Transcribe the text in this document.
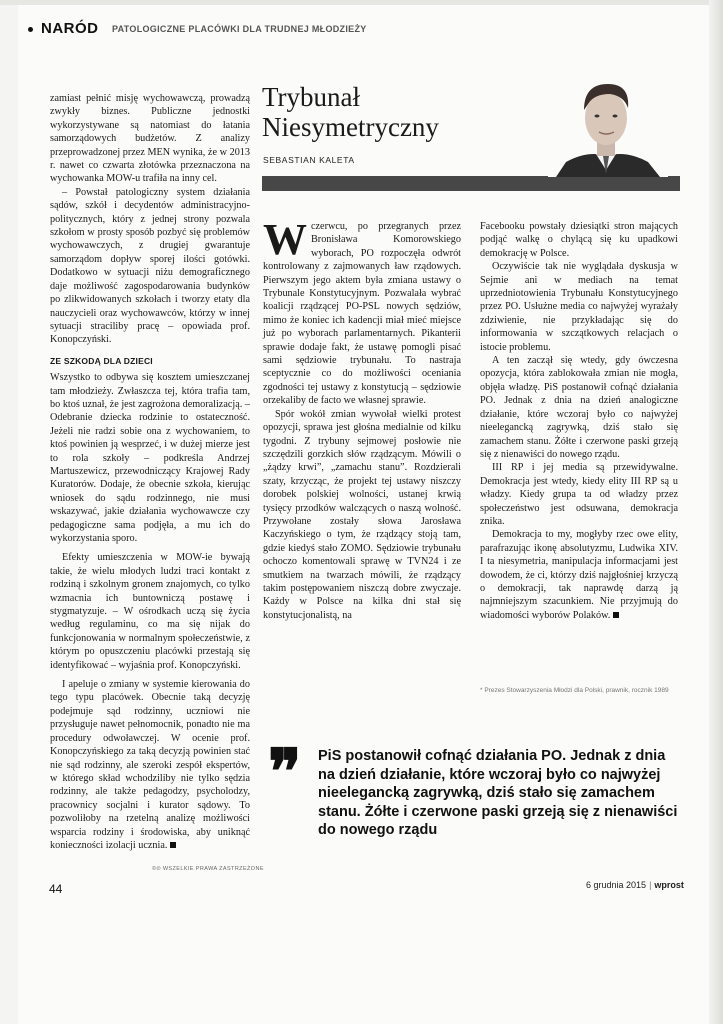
NARÓD PATOLOGICZNE PLACÓWKI DLA TRUDNEJ MŁODZIEŻY

zamiast pełnić misję wychowawczą, prowadzą zwykły biznes. Publiczne jednostki wykorzystywane są natomiast do łatania samorządowych budżetów. Z analizy przeprowadzonej przez MEN wynika, że w 2013 r. nawet co czwarta złotówka przeznaczona na wychowanka MOW-u trafiła na inny cel.

– Powstał patologiczny system działania sądów, szkół i decydentów administracyjno-politycznych, który z jednej strony pozwala szkołom w prosty sposób pozbyć się problemów wychowawczych, z drugiej gwarantuje samorządom dopływ sporej ilości gotówki. Dodatkowo w sytuacji niżu demograficznego daje możliwość zagospodarowania budynków po zlikwidowanych szkołach i tworzy etaty dla nauczycieli oraz wychowawców, którzy w innej sytuacji straciliby pracę – opowiada prof. Konopczyński.

ZE SZKODĄ DLA DZIECI

Wszystko to odbywa się kosztem umieszczanej tam młodzieży. Zwłaszcza tej, która trafia tam, bo ktoś uznał, że jest zagrożona demoralizacją. – Odebranie dziecka rodzinie to ostateczność. Jeżeli nie radzi sobie ona z wychowaniem, to ktoś powinien ją wesprzeć, i w dużej mierze jest to rola szkoły – podkreśla Andrzej Martuszewicz, przewodniczący Krajowej Rady Kuratorów. Dodaje, że obecnie szkoła, kierując wniosek do sądu rodzinnego, nie musi wskazywać, jakie działania wychowawcze czy pedagogiczne sama podjęła, a mu ich do wykorzystania sporo.

Efekty umieszczenia w MOW-ie bywają takie, że wielu młodych ludzi traci kontakt z rodziną i szkolnym gronem znajomych, co tylko wzmacnia ich buntowniczą postawę i stygmatyzuje. – W ośrodkach uczą się życia według regulaminu, co ma się nijak do funkcjonowania w normalnym społeczeństwie, z którym po opuszczeniu placówki przestają się identyfikować – wyjaśnia prof. Konopczyński.

I apeluje o zmiany w systemie kierowania do tego typu placówek. Obecnie taką decyzję podejmuje sąd rodzinny, uczniowi nie przysługuje nawet pełnomocnik, ponadto nie ma procedury odwoławczej. W ocenie prof. Konopczyńskiego za taką decyzją powinien stać nie sąd rodzinny, ale szeroki zespół ekspertów, w którego skład wchodziliby nie tylko sędzia rodzinny, ale także pedagodzy, psycholodzy, pracownicy socjalni i kurator sądowy. To pozwoliłoby na rzetelną analizę możliwości wsparcia rodziny i środowiska, aby uniknąć konieczności izolacji ucznia.

Trybunał Niesymetryczny
SEBASTIAN KALETA

Wczerwcu, po przegranych przez Bronisława Komorowskiego wyborach, PO rozpoczęła odwrót kontrolowany z zajmowanych ław rządowych. Pierwszym jego aktem była zmiana ustawy o Trybunale Konstytucyjnym. Pozwalała wybrać koalicji rządzącej PO-PSL nowych sędziów, mimo że koniec ich kadencji miał mieć miejsce już po wyborach parlamentarnych. Pikanterii sprawie dodaje fakt, że ustawę pomogli pisać sami sędziowie trybunału. To nastraja sceptycznie co do możliwości oceniania zgodności tej ustawy z konstytucją – sędziowie orzekaliby de facto we własnej sprawie.

Spór wokół zmian wywołał wielki protest opozycji, sprawa jest głośna medialnie od kilku tygodni. Z trybuny sejmowej posłowie nie szczędzili gorzkich słów rządzącym. Mówili o „żądzy krwi”, „zamachu stanu”. Rozdzierali szaty, krzycząc, że projekt tej ustawy niszczy dorobek polskiej wolności, ustanej krwią tysięcy przodków walczących o naszą wolność. Przywołane zostały słowa Jarosława Kaczyńskiego o tym, że rządzący stoją tam, gdzie kiedyś stało ZOMO. Sędziowie trybunału ochoczo komentowali sprawę w TVN24 i ze smutkiem na twarzach mówili, że rządzący takim postępowaniem niszczą dobre zwyczaje. Każdy w Polsce na kilka dni stał się konstytucjonalistą, na

Facebooku powstały dziesiątki stron mających podjąć walkę o chylącą się ku upadkowi demokrację w Polsce.

Oczywiście tak nie wyglądała dyskusja w Sejmie ani w mediach na temat uprzedniotowienia Trybunału Konstytucyjnego przez PO. Usłużne media co najwyżej wyrażały zdziwienie, nie przykładając się do informowania w szczątkowych relacjach o istocie problemu.

A ten zaczął się wtedy, gdy ówczesna opozycja, która zablokowała zmian nie mogła, objęła władzę. PiS postanowił cofnąć działania PO. Jednak z dnia na dzień analogiczne działanie, które wczoraj było co najwyżej nieelegancką zagrywką, dziś stało się zamachem stanu. Żółte i czerwone paski grzeją się z nienawiści do nowego rządu.

III RP i jej media są przewidywalne. Demokracja jest wtedy, kiedy elity III RP są u władzy. Kiedy grupa ta od władzy przez społeczeństwo jest odsuwana, demokracja znika.

Demokracja to my, mogłyby rzec owe elity, parafrazując ikonę absolutyzmu, Ludwika XIV. I ta niesymetria, manipulacja informacjami jest dowodem, że ci, którzy dziś najgłośniej krzyczą o demokracji, tak naprawdę darzą ją najmniejszym szacunkiem. Nie przyjmują do wiadomości wyborów Polaków.

* Prezes Stowarzyszenia Młodzi dla Polski, prawnik, rocznik 1989
❞ PiS postanowił cofnąć działania PO. Jednak z dnia na dzień działanie, które wczoraj było co najwyżej nieelegancką zagrywką, dziś stało się zamachem stanu. Żółte i czerwone paski grzeją się z nienawiści do nowego rządu
©℗ WSZELKIE PRAWA ZASTRZEŻONE
44	6 grudnia 2015 | wprost
